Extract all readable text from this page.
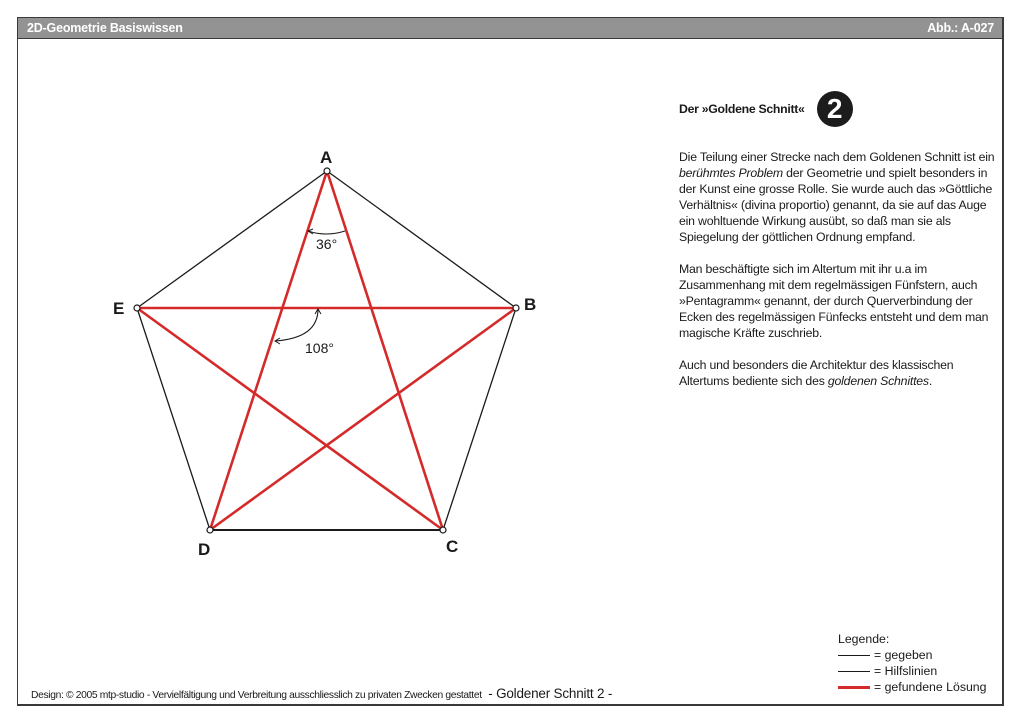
2D-Geometrie Basiswissen	Abb.: A-027
A
B
C
D
E
36°
108°
Der »Goldene Schnitt« 2

Die Teilung einer Strecke nach dem Goldenen Schnitt ist ein berühmtes Problem der Geometrie und spielt besonders in der Kunst eine grosse Rolle. Sie wurde auch das »Göttliche Verhältnis« (divina proportio) genannt, da sie auf das Auge ein wohltuende Wirkung ausübt, so daß man sie als Spiegelung der göttlichen Ordnung empfand.

Man beschäftigte sich im Altertum mit ihr u.a im Zusammenhang mit dem regelmässigen Fünfstern, auch »Pentagramm« genannt, der durch Querverbindung der Ecken des regelmässigen Fünfecks entsteht und dem man magische Kräfte zuschrieb.

Auch und besonders die Architektur des klassischen Altertums bediente sich des goldenen Schnittes.

Legende:
= gegeben
= Hilfslinien
= gefundene Lösung
Design: © 2005 mtp-studio - Vervielfältigung und Verbreitung ausschliesslich zu privaten Zwecken gestattet - Goldener Schnitt 2 -
